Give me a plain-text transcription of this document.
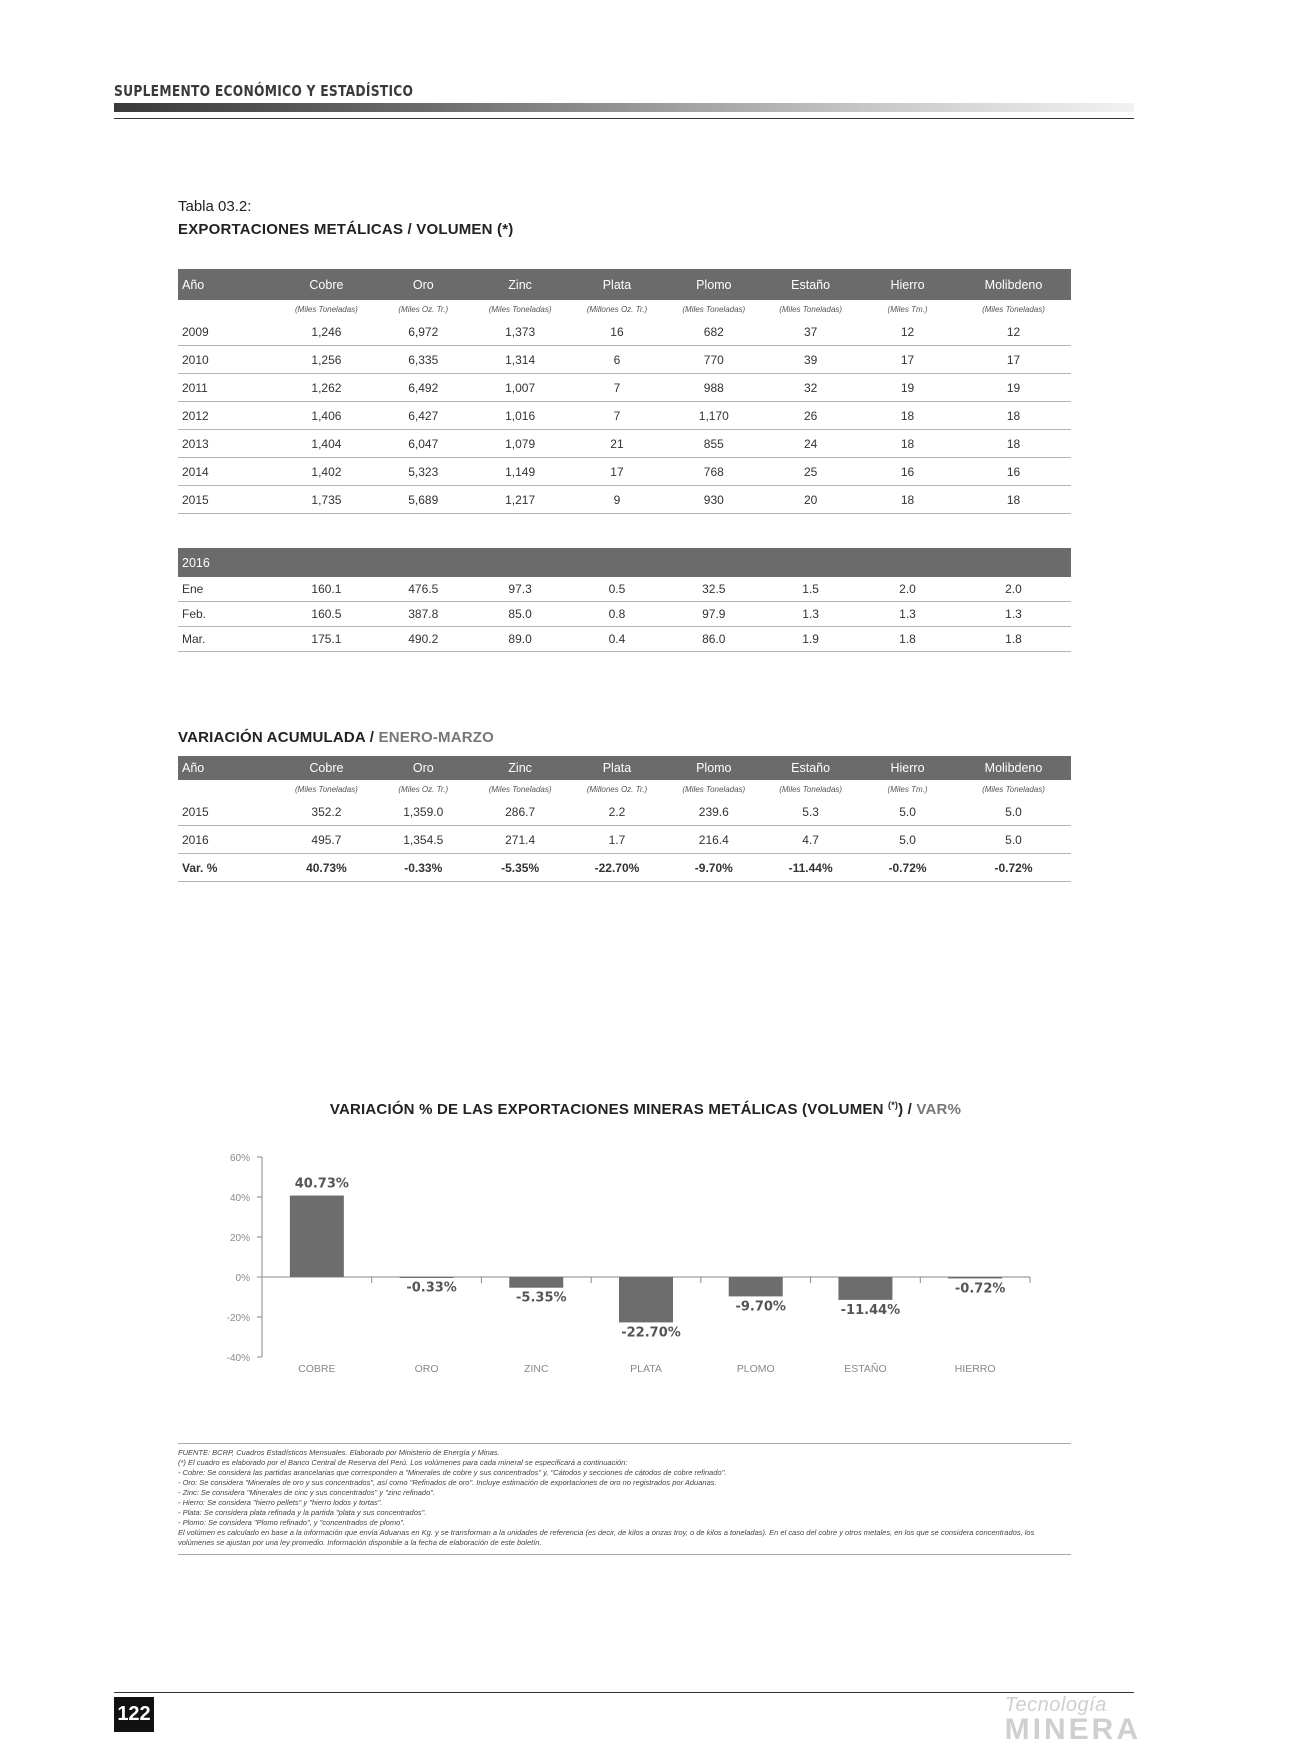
SUPLEMENTO ECONÓMICO Y ESTADÍSTICO
Tabla 03.2:
EXPORTACIONES METÁLICAS / VOLUMEN (*)
Año	Cobre	Oro	Zinc	Plata	Plomo	Estaño	Hierro	Molibdeno
	(Miles Toneladas)	(Miles Oz. Tr.)	(Miles Toneladas)	(Millones Oz. Tr.)	(Miles Toneladas)	(Miles Toneladas)	(Miles Tm.)	(Miles Toneladas)
2009	1,246	6,972	1,373	16	682	37	12	12
2010	1,256	6,335	1,314	6	770	39	17	17
2011	1,262	6,492	1,007	7	988	32	19	19
2012	1,406	6,427	1,016	7	1,170	26	18	18
2013	1,404	6,047	1,079	21	855	24	18	18
2014	1,402	5,323	1,149	17	768	25	16	16
2015	1,735	5,689	1,217	9	930	20	18	18
2016								
Ene	160.1	476.5	97.3	0.5	32.5	1.5	2.0	2.0
Feb.	160.5	387.8	85.0	0.8	97.9	1.3	1.3	1.3
Mar.	175.1	490.2	89.0	0.4	86.0	1.9	1.8	1.8
VARIACIÓN ACUMULADA / ENERO-MARZO
Año	Cobre	Oro	Zinc	Plata	Plomo	Estaño	Hierro	Molibdeno
	(Miles Toneladas)	(Miles Oz. Tr.)	(Miles Toneladas)	(Millones Oz. Tr.)	(Miles Toneladas)	(Miles Toneladas)	(Miles Tm.)	(Miles Toneladas)
2015	352.2	1,359.0	286.7	2.2	239.6	5.3	5.0	5.0
2016	495.7	1,354.5	271.4	1.7	216.4	4.7	5.0	5.0
Var. %	40.73%	-0.33%	-5.35%	-22.70%	-9.70%	-11.44%	-0.72%	-0.72%
VARIACIÓN % DE LAS EXPORTACIONES MINERAS METÁLICAS (VOLUMEN (*)) / VAR%
60%
40%
20%
0%
-20%
-40%
40.73%
COBRE
-0.33%
ORO
-5.35%
ZINC
-22.70%
PLATA
-9.70%
PLOMO
-11.44%
ESTAÑO
-0.72%
HIERRO
FUENTE: BCRP, Cuadros Estadísticos Mensuales. Elaborado por Ministerio de Energía y Minas.
(*) El cuadro es elaborado por el Banco Central de Reserva del Perú. Los volúmenes para cada mineral se especificará a continuación:
- Cobre: Se considera las partidas arancelarias que corresponden a "Minerales de cobre y sus concentrados" y, "Cátodos y secciones de cátodos de cobre refinado".
- Oro: Se considera "Minerales de oro y sus concentrados", así como "Refinados de oro". Incluye estimación de exportaciones de oro no registrados por Aduanas.
- Zinc: Se considera "Minerales de cinc y sus concentrados" y "zinc refinado".
- Hierro: Se considera "hierro pellets" y "hierro lodos y tortas".
- Plata: Se considera plata refinada y la partida "plata y sus concentrados".
- Plomo: Se considera "Plomo refinado", y "concentrados de plomo".
El volúmen es calculado en base a la información que envía Aduanas en Kg. y se transforman a la unidades de referencia (es decir, de kilos a onzas troy, o de kilos a toneladas). En el caso del cobre y otros metales, en los que se considera concentrados, los volúmenes se ajustan por una ley promedio. Información disponible a la fecha de elaboración de este boletín.
122	Tecnología
MINERA
